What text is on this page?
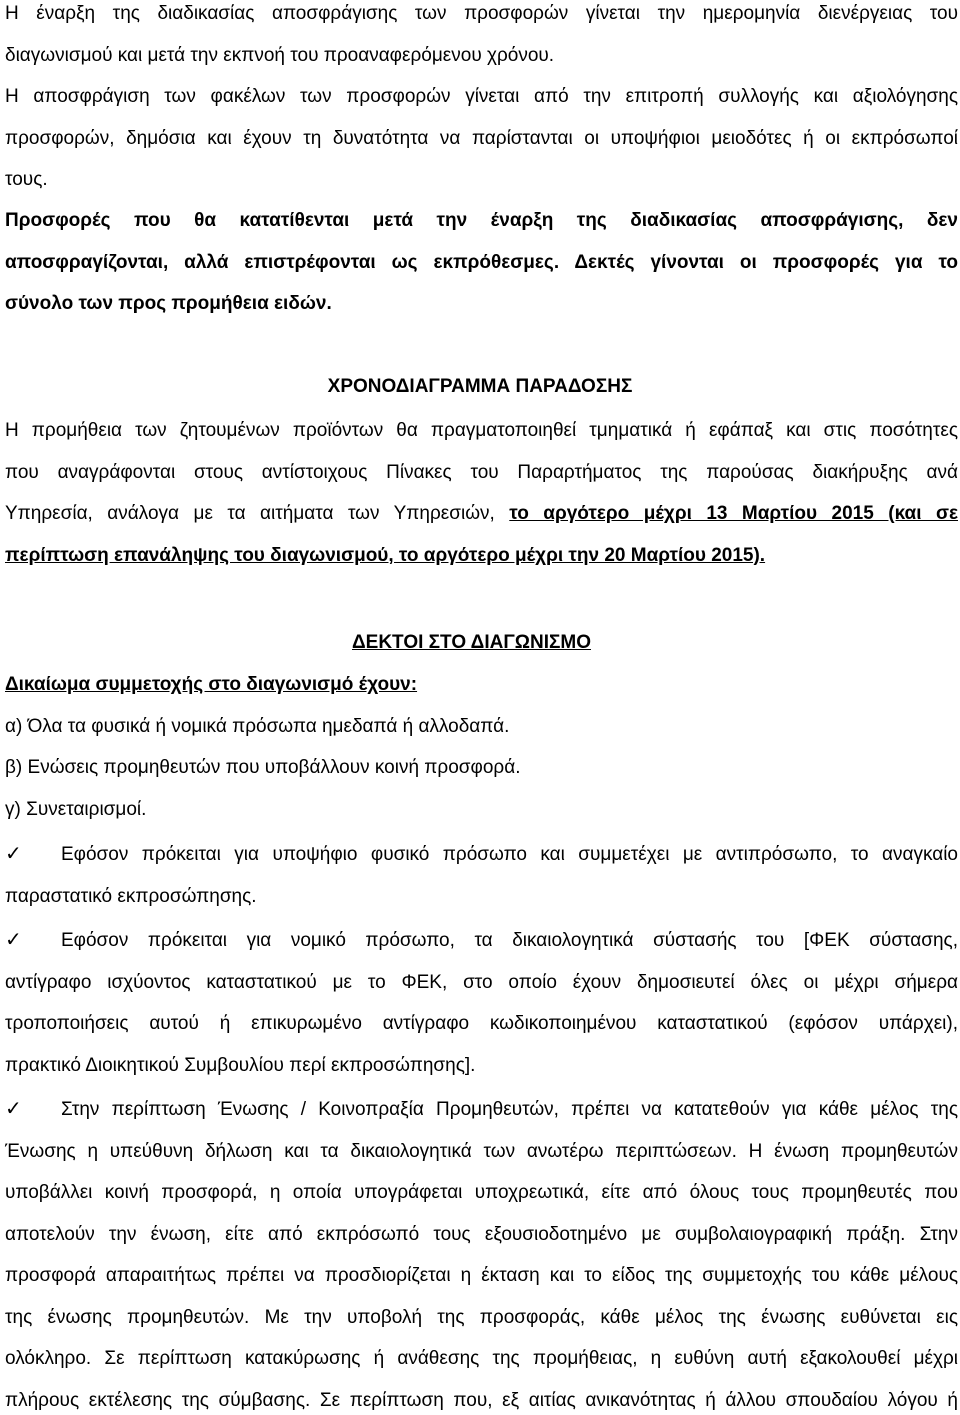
Η έναρξη της διαδικασίας αποσφράγισης των προσφορών γίνεται την ημερομηνία διενέργειας του
διαγωνισμού και μετά την εκπνοή του προαναφερόμενου χρόνου.
Η αποσφράγιση των φακέλων των προσφορών γίνεται από την επιτροπή συλλογής και αξιολόγησης
προσφορών, δημόσια και έχουν τη δυνατότητα να παρίστανται οι υποψήφιοι μειοδότες ή οι εκπρόσωποί
τους.
Προσφορές που θα κατατίθενται μετά την έναρξη της διαδικασίας αποσφράγισης, δεν
αποσφραγίζονται, αλλά επιστρέφονται ως εκπρόθεσμες. Δεκτές γίνονται οι προσφορές για το
σύνολο των προς προμήθεια ειδών.
ΧΡΟΝΟΔΙΑΓΡΑΜΜΑ ΠΑΡΑΔΟΣΗΣ
Η προμήθεια των ζητουμένων προϊόντων θα πραγματοποιηθεί τμηματικά ή εφάπαξ και στις ποσότητες
που αναγράφονται στους αντίστοιχους Πίνακες του Παραρτήματος της παρούσας διακήρυξης ανά
Υπηρεσία, ανάλογα με τα αιτήματα των Υπηρεσιών, το αργότερο μέχρι 13 Μαρτίου 2015 (και σε
περίπτωση επανάληψης του διαγωνισμού, το αργότερο μέχρι την 20 Μαρτίου 2015).
ΔΕΚΤΟΙ ΣΤΟ ΔΙΑΓΩΝΙΣΜΟ
Δικαίωμα συμμετοχής στο διαγωνισμό έχουν:
α) Όλα τα φυσικά ή νομικά πρόσωπα ημεδαπά ή αλλοδαπά.
β) Ενώσεις προμηθευτών που υποβάλλουν κοινή προσφορά.
γ) Συνεταιρισμοί.
✓ Εφόσον πρόκειται για υποψήφιο φυσικό πρόσωπο και συμμετέχει με αντιπρόσωπο, το αναγκαίο
παραστατικό εκπροσώπησης.
✓ Εφόσον πρόκειται για νομικό πρόσωπο, τα δικαιολογητικά σύστασής του [ΦΕΚ σύστασης,
αντίγραφο ισχύοντος καταστατικού με το ΦΕΚ, στο οποίο έχουν δημοσιευτεί όλες οι μέχρι σήμερα
τροποποιήσεις αυτού ή επικυρωμένο αντίγραφο κωδικοποιημένου καταστατικού (εφόσον υπάρχει),
πρακτικό Διοικητικού Συμβουλίου περί εκπροσώπησης].
✓ Στην περίπτωση Ένωσης / Κοινοπραξία Προμηθευτών, πρέπει να κατατεθούν για κάθε μέλος της
Ένωσης η υπεύθυνη δήλωση και τα δικαιολογητικά των ανωτέρω περιπτώσεων. Η ένωση προμηθευτών
υποβάλλει κοινή προσφορά, η οποία υπογράφεται υποχρεωτικά, είτε από όλους τους προμηθευτές που
αποτελούν την ένωση, είτε από εκπρόσωπό τους εξουσιοδοτημένο με συμβολαιογραφική πράξη. Στην
προσφορά απαραιτήτως πρέπει να προσδιορίζεται η έκταση και το είδος της συμμετοχής του κάθε μέλους
της ένωσης προμηθευτών. Με την υποβολή της προσφοράς, κάθε μέλος της ένωσης ευθύνεται εις
ολόκληρο. Σε περίπτωση κατακύρωσης ή ανάθεσης της προμήθειας, η ευθύνη αυτή εξακολουθεί μέχρι
πλήρους εκτέλεσης της σύμβασης. Σε περίπτωση που, εξ αιτίας ανικανότητας ή άλλου σπουδαίου λόγου ή
